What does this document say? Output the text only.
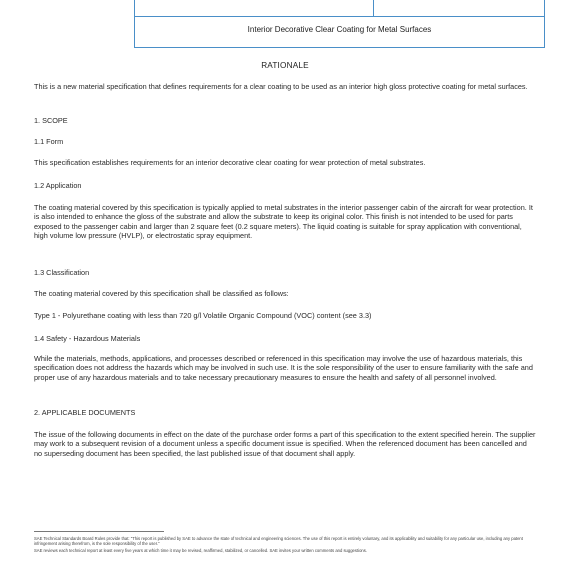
Interior Decorative Clear Coating for Metal Surfaces
RATIONALE
This is a new material specification that defines requirements for a clear coating to be used as an interior high gloss protective coating for metal surfaces.
1. SCOPE
1.1 Form
This specification establishes requirements for an interior decorative clear coating for wear protection of metal substrates.
1.2 Application
The coating material covered by this specification is typically applied to metal substrates in the interior passenger cabin of the aircraft for wear protection. It is also intended to enhance the gloss of the substrate and allow the substrate to keep its original color. This finish is not intended to be used for parts exposed to the passenger cabin and larger than 2 square feet (0.2 square meters). The liquid coating is suitable for spray application with conventional, high volume low pressure (HVLP), or electrostatic spray equipment.
1.3 Classification
The coating material covered by this specification shall be classified as follows:
Type 1 - Polyurethane coating with less than 720 g/l Volatile Organic Compound (VOC) content (see 3.3)
1.4 Safety - Hazardous Materials
While the materials, methods, applications, and processes described or referenced in this specification may involve the use of hazardous materials, this specification does not address the hazards which may be involved in such use. It is the sole responsibility of the user to ensure familiarity with the safe and proper use of any hazardous materials and to take necessary precautionary measures to ensure the health and safety of all personnel involved.
2. APPLICABLE DOCUMENTS
The issue of the following documents in effect on the date of the purchase order forms a part of this specification to the extent specified herein. The supplier may work to a subsequent revision of a document unless a specific document issue is specified. When the referenced document has been cancelled and no superseding document has been specified, the last published issue of that document shall apply.
SAE Technical Standards Board Rules provide that: "This report is published by SAE to advance the state of technical and engineering sciences. The use of this report is entirely voluntary, and its applicability and suitability for any particular use, including any patent infringement arising therefrom, is the sole responsibility of the user."
SAE reviews each technical report at least every five years at which time it may be revised, reaffirmed, stabilized, or cancelled. SAE invites your written comments and suggestions.
